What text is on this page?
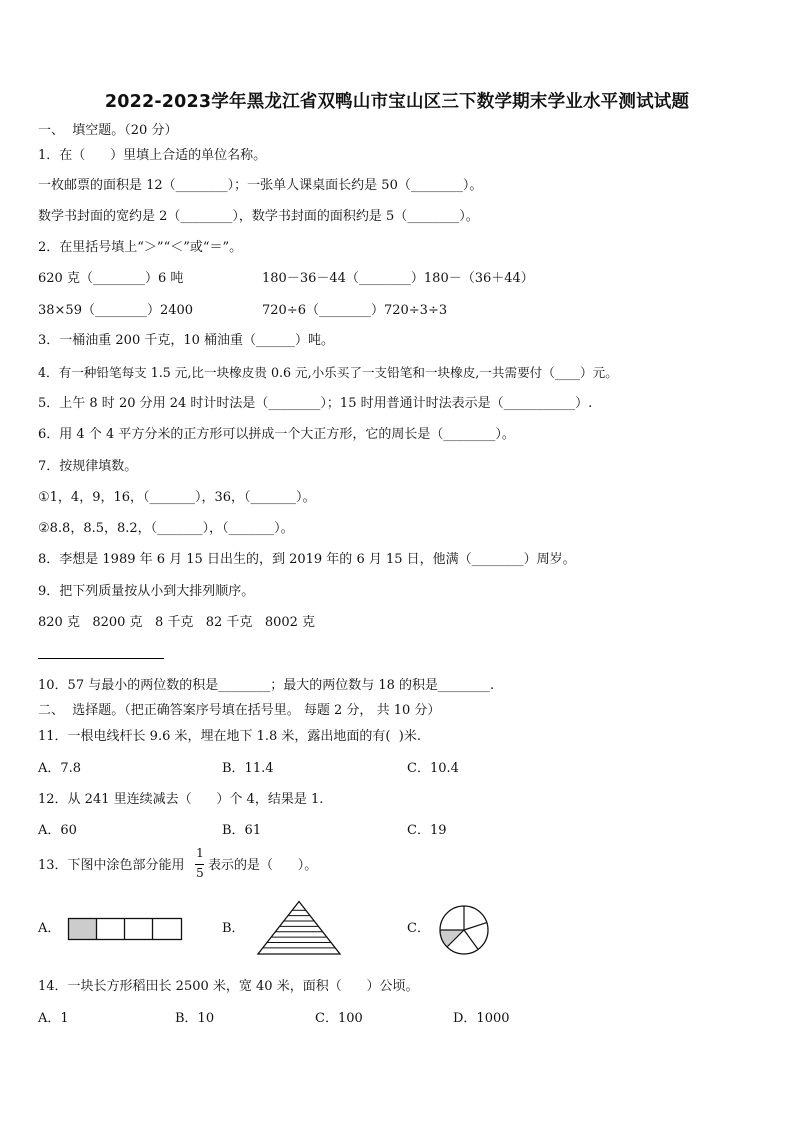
2022-2023学年黑龙江省双鸭山市宝山区三下数学期末学业水平测试试题
一、  填空题。（20 分）
1．在（      ）里填上合适的单位名称。
一枚邮票的面积是 12（________）；一张单人课桌面长约是 50（________）。
数学书封面的宽约是 2（________），数学书封面的面积约是 5（________）。
2．在里括号填上“＞”“＜”或“＝”。
620 克（________）6 吨	180－36－44（________）180－（36＋44）
38×59（________）2400	720÷6（________）720÷3÷3
3．一桶油重 200 千克，10 桶油重（______）吨。
4．有一种铅笔每支 1.5 元,比一块橡皮贵 0.6 元,小乐买了一支铅笔和一块橡皮,一共需要付（____）元。
5．上午 8 时 20 分用 24 时计时法是（________）；15 时用普通计时法表示是（___________）.
6．用 4 个 4 平方分米的正方形可以拼成一个大正方形，它的周长是（________）。
7．按规律填数。
①1，4，9，16，（_______），36，（_______）。
②8.8，8.5，8.2，（_______），（_______）。
8．李想是 1989 年 6 月 15 日出生的，到 2019 年的 6 月 15 日，他满（________）周岁。
9．把下列质量按从小到大排列顺序。
820 克   8200 克   8 千克   82 千克   8002 克
10．57 与最小的两位数的积是________；最大的两位数与 18 的积是________.
二、  选择题。（把正确答案序号填在括号里。 每题 2 分， 共 10 分）
11．一根电线杆长 9.6 米，埋在地下 1.8 米，露出地面的有(  )米.
A．7.8	B．11.4	C．10.4
12．从 241 里连续减去（      ）个 4，结果是 1.
A．60	B．61	C．19
13．下图中涂色部分能用
1
5 表示的是（      ）。
A．	B．	C．
14．一块长方形稻田长 2500 米，宽 40 米，面积（      ）公顷。
A．1	B．10	C．100	D．1000
